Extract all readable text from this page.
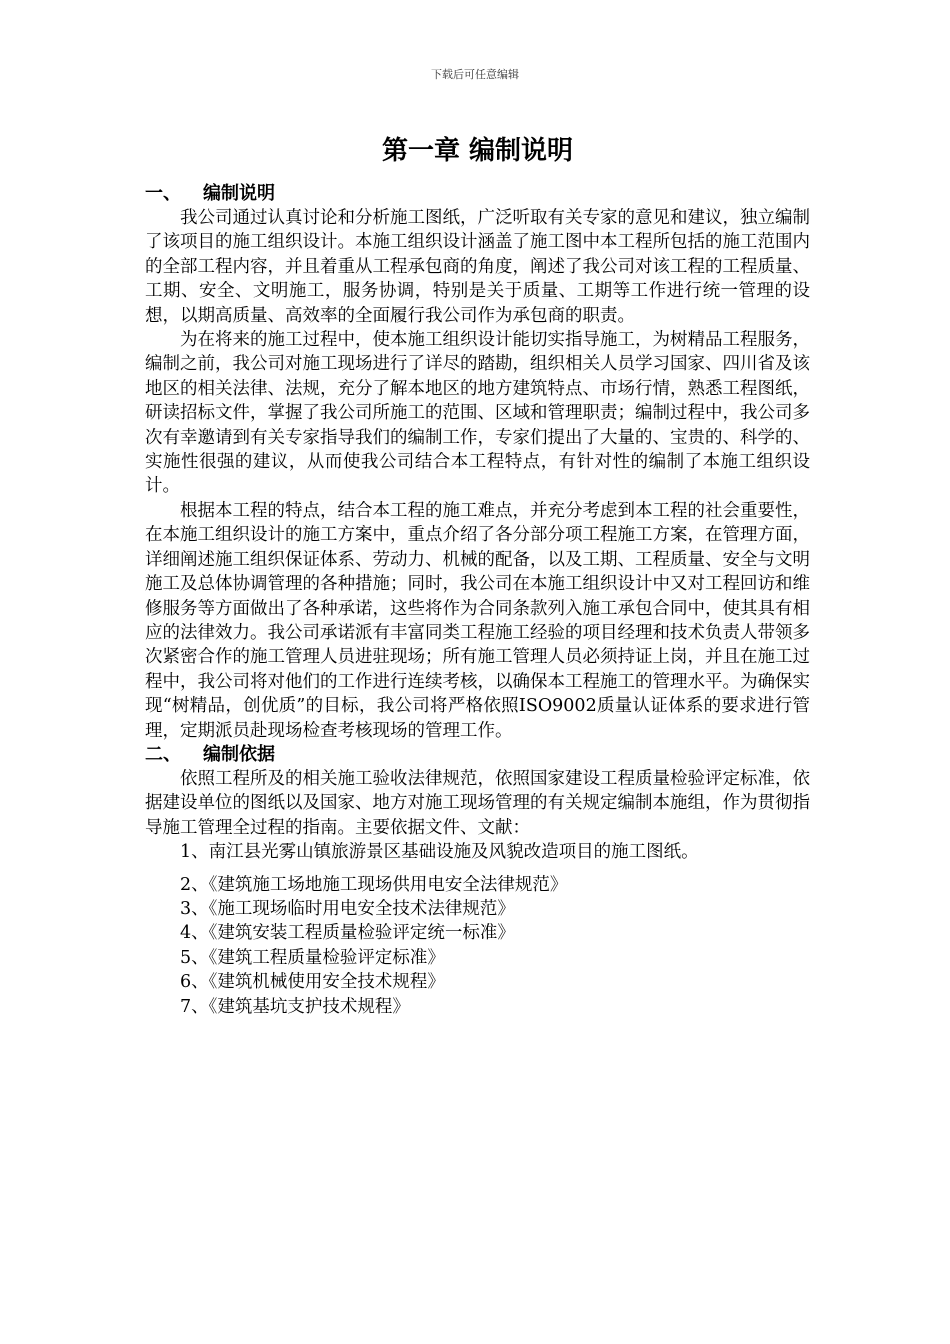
下载后可任意编辑
第一章 编制说明
一、 编制说明

我公司通过认真讨论和分析施工图纸，广泛听取有关专家的意见和建议，独立编制了该项目的施工组织设计。本施工组织设计涵盖了施工图中本工程所包括的施工范围内的全部工程内容，并且着重从工程承包商的角度，阐述了我公司对该工程的工程质量、工期、安全、文明施工，服务协调，特别是关于质量、工期等工作进行统一管理的设想，以期高质量、高效率的全面履行我公司作为承包商的职责。

为在将来的施工过程中，使本施工组织设计能切实指导施工，为树精品工程服务，编制之前，我公司对施工现场进行了详尽的踏勘，组织相关人员学习国家、四川省及该地区的相关法律、法规，充分了解本地区的地方建筑特点、市场行情，熟悉工程图纸，研读招标文件，掌握了我公司所施工的范围、区域和管理职责；编制过程中，我公司多次有幸邀请到有关专家指导我们的编制工作，专家们提出了大量的、宝贵的、科学的、实施性很强的建议，从而使我公司结合本工程特点，有针对性的编制了本施工组织设计。

根据本工程的特点，结合本工程的施工难点，并充分考虑到本工程的社会重要性，在本施工组织设计的施工方案中，重点介绍了各分部分项工程施工方案，在管理方面，详细阐述施工组织保证体系、劳动力、机械的配备，以及工期、工程质量、安全与文明施工及总体协调管理的各种措施；同时，我公司在本施工组织设计中又对工程回访和维修服务等方面做出了各种承诺，这些将作为合同条款列入施工承包合同中，使其具有相应的法律效力。我公司承诺派有丰富同类工程施工经验的项目经理和技术负责人带领多次紧密合作的施工管理人员进驻现场；所有施工管理人员必须持证上岗，并且在施工过程中，我公司将对他们的工作进行连续考核，以确保本工程施工的管理水平。为确保实现“树精品，创优质”的目标，我公司将严格依照ISO9002质量认证体系的要求进行管理，定期派员赴现场检查考核现场的管理工作。

二、 编制依据

依照工程所及的相关施工验收法律规范，依照国家建设工程质量检验评定标准，依据建设单位的图纸以及国家、地方对施工现场管理的有关规定编制本施组，作为贯彻指导施工管理全过程的指南。主要依据文件、文献：

1、南江县光雾山镇旅游景区基础设施及风貌改造项目的施工图纸。
2、《建筑施工场地施工现场供用电安全法律规范》
3、《施工现场临时用电安全技术法律规范》
4、《建筑安装工程质量检验评定统一标准》
5、《建筑工程质量检验评定标准》
6、《建筑机械使用安全技术规程》
7、《建筑基坑支护技术规程》
